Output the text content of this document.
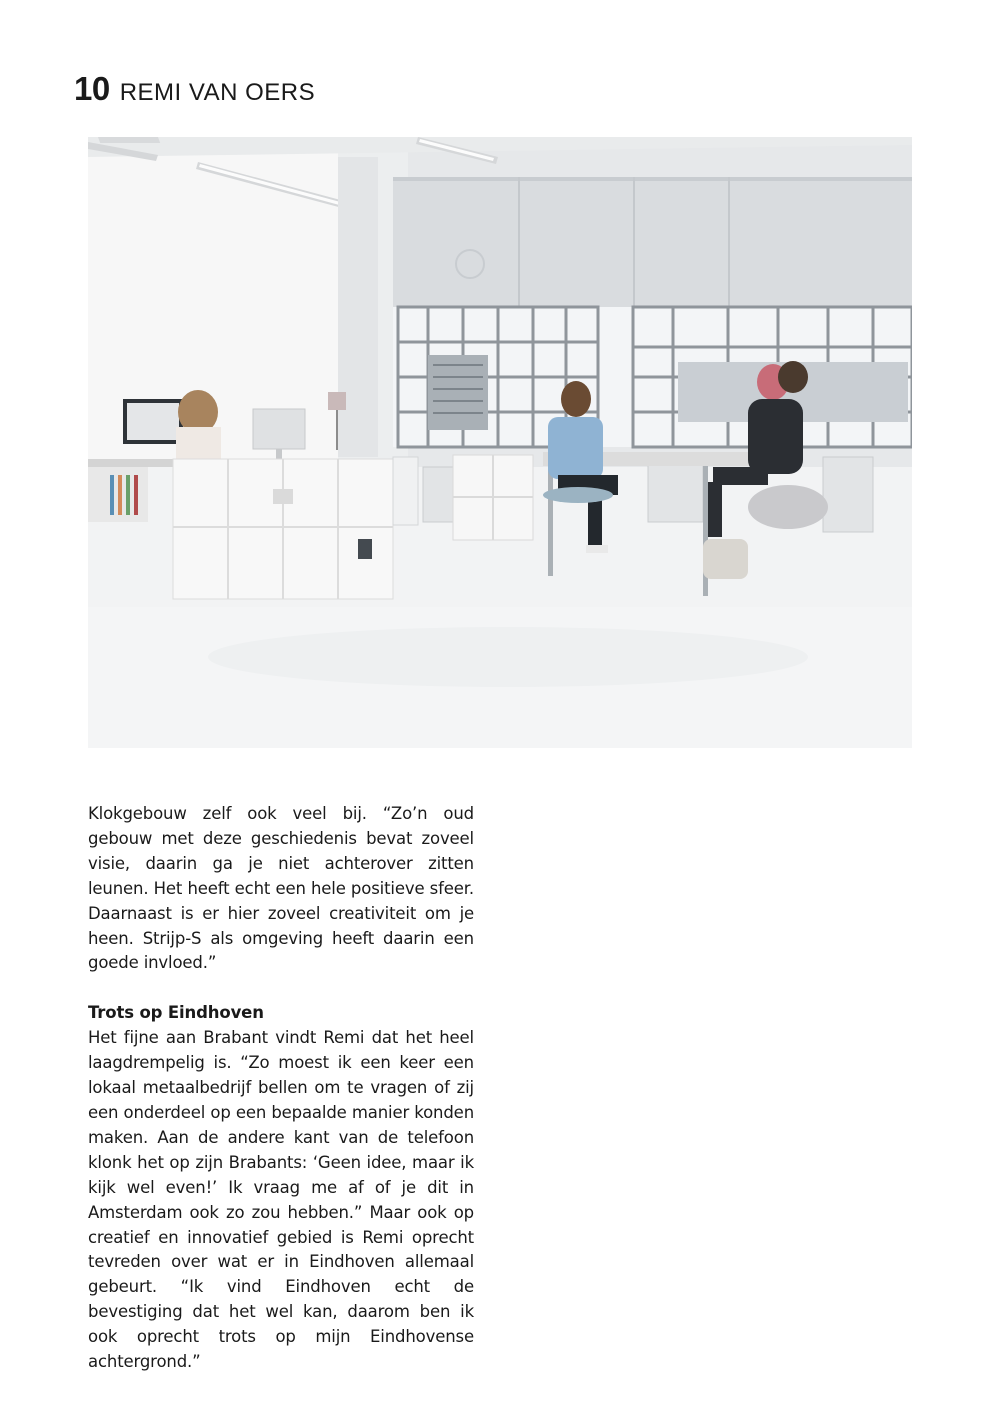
10 REMI VAN OERS

Klokgebouw zelf ook veel bij. “Zo’n oud gebouw met deze geschiedenis bevat zoveel visie, daarin ga je niet achterover zitten leunen. Het heeft echt een hele positieve sfeer. Daarnaast is er hier zoveel creativiteit om je heen. Strijp-S als omgeving heeft daarin een goede invloed.”

Trots op Eindhoven

Het fijne aan Brabant vindt Remi dat het heel laagdrempelig is. “Zo moest ik een keer een lokaal metaalbedrijf bellen om te vragen of zij een onderdeel op een bepaalde manier konden maken. Aan de andere kant van de telefoon klonk het op zijn Brabants: ‘Geen idee, maar ik kijk wel even!’ Ik vraag me af of je dit in Amsterdam ook zo zou hebben.” Maar ook op creatief en innovatief gebied is Remi oprecht tevreden over wat er in Eindhoven allemaal gebeurt. “Ik vind Eindhoven echt de bevestiging dat het wel kan, daarom ben ik ook oprecht trots op mijn Eindhovense achtergrond.”
